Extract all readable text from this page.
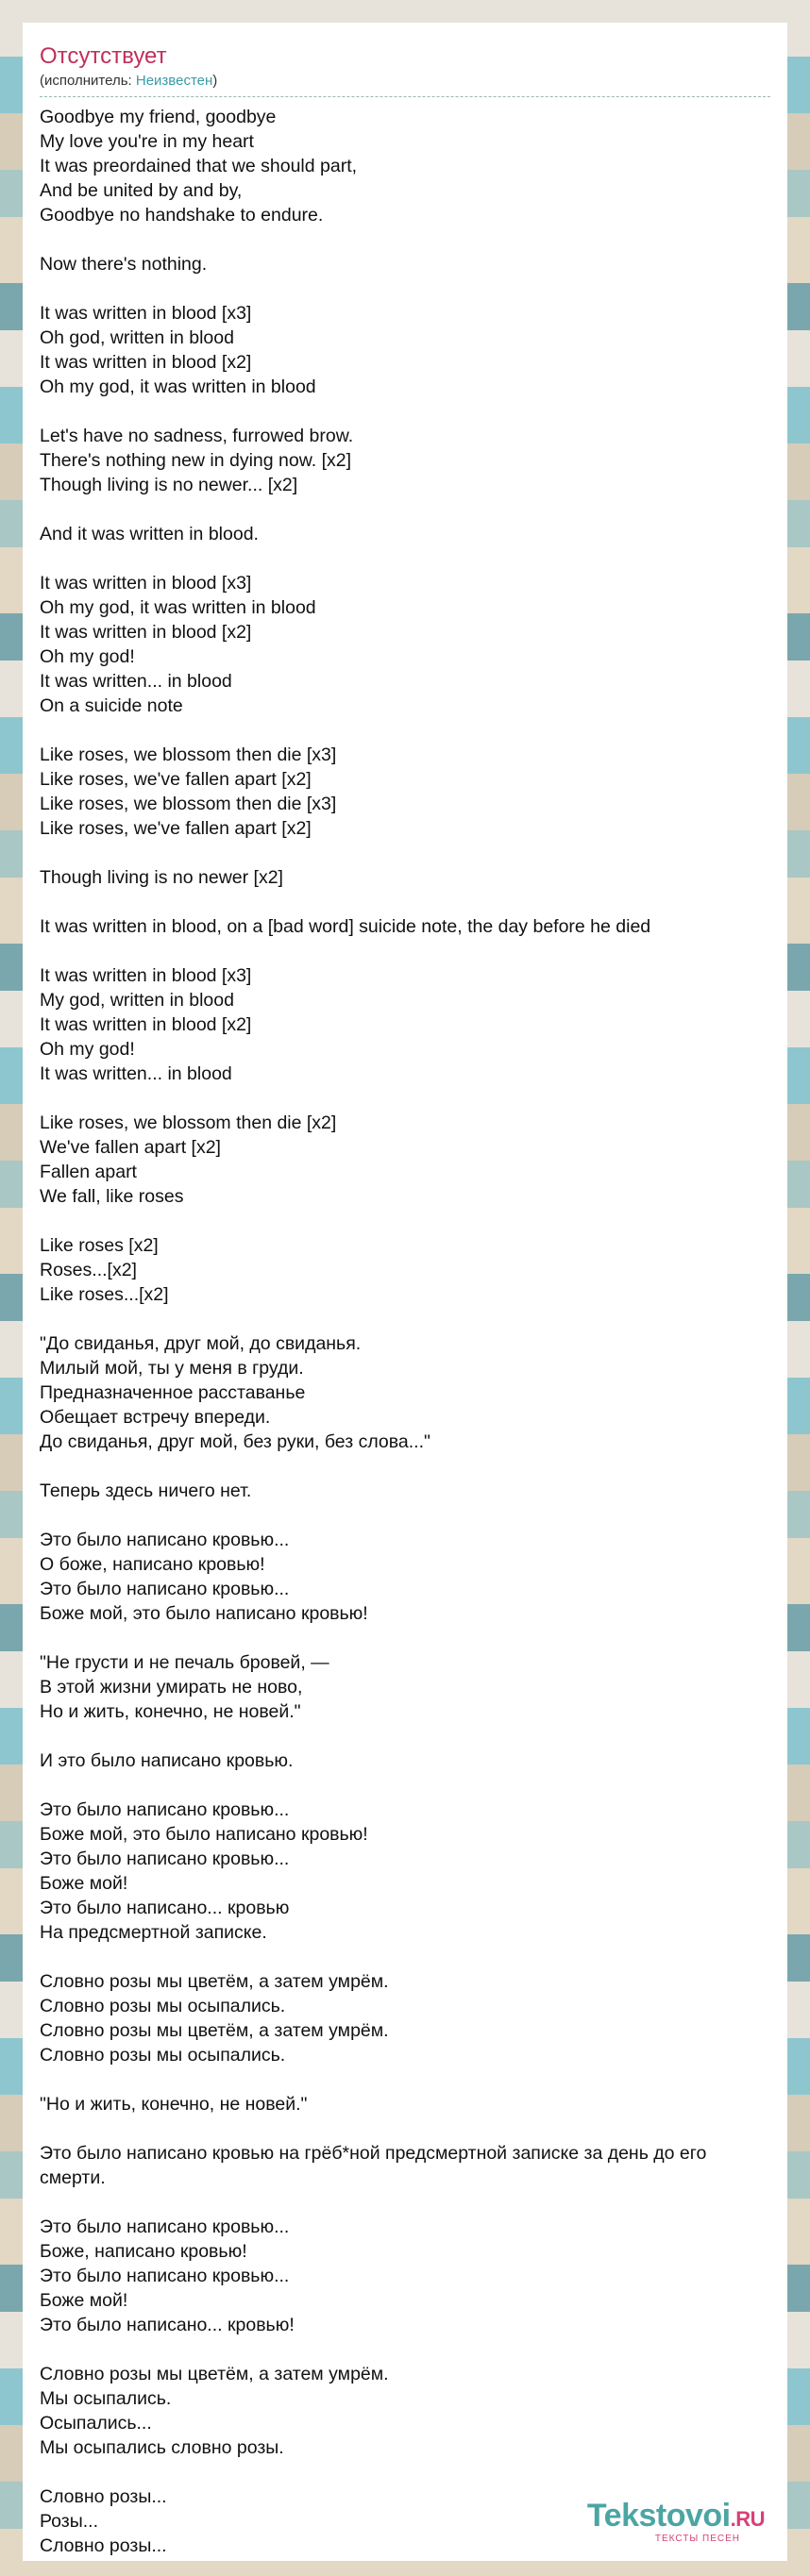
Отсутствует
(исполнитель: Неизвестен)
Goodbye my friend, goodbye
My love you're in my heart
It was preordained that we should part,
And be united by and by,
Goodbye no handshake to endure.

Now there's nothing.

It was written in blood [x3]
Oh god, written in blood
It was written in blood [x2]
Oh my god, it was written in blood

Let's have no sadness, furrowed brow.
There's nothing new in dying now. [x2]
Though living is no newer... [x2]

And it was written in blood.

It was written in blood [x3]
Oh my god, it was written in blood
It was written in blood [x2]
Oh my god!
It was written... in blood
On a suicide note

Like roses, we blossom then die [x3]
Like roses, we've fallen apart [x2]
Like roses, we blossom then die [x3]
Like roses, we've fallen apart [x2]

Though living is no newer [x2]

It was written in blood, on a [bad word] suicide note, the day before he died

It was written in blood [x3]
My god, written in blood
It was written in blood [x2]
Oh my god!
It was written... in blood

Like roses, we blossom then die [x2]
We've fallen apart [x2]
Fallen apart
We fall, like roses

Like roses [x2]
Roses...[x2]
Like roses...[x2]

"До свиданья, друг мой, до свиданья.
Милый мой, ты у меня в груди.
Предназначенное расставанье
Обещает встречу впереди.
До свиданья, друг мой, без руки, без слова..."

Теперь здесь ничего нет.

Это было написано кровью...
О боже, написано кровью!
Это было написано кровью...
Боже мой, это было написано кровью!

"Не грусти и не печаль бровей, —
В этой жизни умирать не ново,
Но и жить, конечно, не новей."

И это было написано кровью.

Это было написано кровью...
Боже мой, это было написано кровью!
Это было написано кровью...
Боже мой!
Это было написано... кровью
На предсмертной записке.

Словно розы мы цветём, а затем умрём.
Словно розы мы осыпались.
Словно розы мы цветём, а затем умрём.
Словно розы мы осыпались.

"Но и жить, конечно, не новей."

Это было написано кровью на грёб*ной предсмертной записке за день до его смерти.

Это было написано кровью...
Боже, написано кровью!
Это было написано кровью...
Боже мой!
Это было написано... кровью!

Словно розы мы цветём, а затем умрём.
Мы осыпались.
Осыпались...
Мы осыпались словно розы.

Словно розы...
Розы...
Словно розы...
Tekstovoi.RU
ТЕКСТЫ ПЕСЕН
